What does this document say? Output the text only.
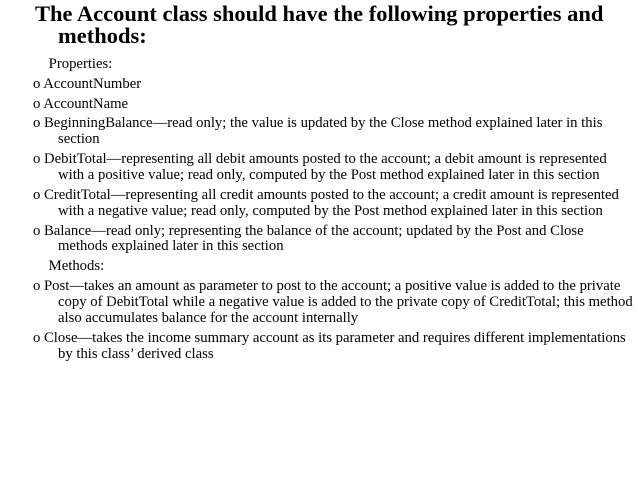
The Account class should have the following properties and methods:
Properties:
o AccountNumber
o AccountName
o BeginningBalance—read only; the value is updated by the Close method explained later in this section
o DebitTotal—representing all debit amounts posted to the account; a debit amount is represented with a positive value; read only, computed by the Post method explained later in this section
o CreditTotal—representing all credit amounts posted to the account; a credit amount is represented with a negative value; read only, computed by the Post method explained later in this section
o Balance—read only; representing the balance of the account; updated by the Post and Close methods explained later in this section
Methods:
o Post—takes an amount as parameter to post to the account; a positive value is added to the private copy of DebitTotal while a negative value is added to the private copy of CreditTotal; this method also accumulates balance for the account internally
o Close—takes the income summary account as its parameter and requires different implementations by this class’ derived class
